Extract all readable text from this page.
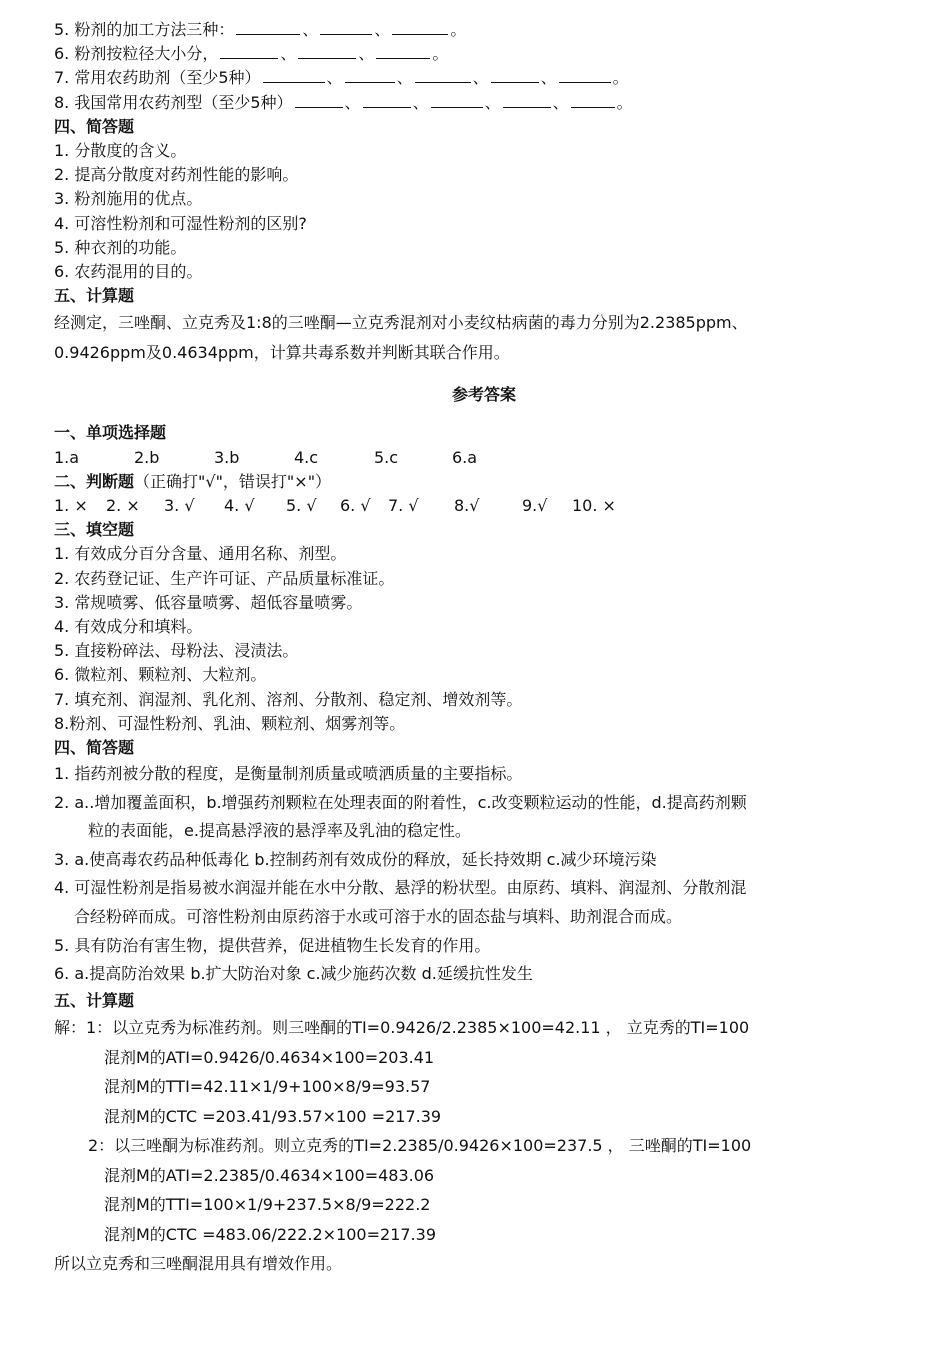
5. 粉剂的加工方法三种：	、	、	。
6. 粉剂按粒径大小分，	、	、	。
7. 常用农药助剂（至少5种）	、	、	、	、	。
8. 我国常用农药剂型（至少5种）	、	、	、	、	。
四、简答题
1. 分散度的含义。
2. 提高分散度对药剂性能的影响。
3. 粉剂施用的优点。
4. 可溶性粉剂和可湿性粉剂的区别?
5. 种衣剂的功能。
6. 农药混用的目的。
五、计算题
经测定，三唑酮、立克秀及1:8的三唑酮—立克秀混剂对小麦纹枯病菌的毒力分别为2.2385ppm、
0.9426ppm及0.4634ppm，计算共毒系数并判断其联合作用。
参考答案
一、单项选择题
1.a	2.b	3.b	4.c	5.c	6.a
二、判断题（正确打"√"，错误打"×"）
1. × 2. × 3. √ 4. √ 5. √ 6. √ 7. √ 8.√	9.√ 10. ×
三、填空题
1. 有效成分百分含量、通用名称、剂型。
2. 农药登记证、生产许可证、产品质量标准证。
3. 常规喷雾、低容量喷雾、超低容量喷雾。
4. 有效成分和填料。
5. 直接粉碎法、母粉法、浸渍法。
6. 微粒剂、颗粒剂、大粒剂。
7. 填充剂、润湿剂、乳化剂、溶剂、分散剂、稳定剂、增效剂等。
8.粉剂、可湿性粉剂、乳油、颗粒剂、烟雾剂等。
四、简答题
1. 指药剂被分散的程度，是衡量制剂质量或喷洒质量的主要指标。
2. a..增加覆盖面积，b.增强药剂颗粒在处理表面的附着性，c.改变颗粒运动的性能，d.提高药剂颗
粒的表面能，e.提高悬浮液的悬浮率及乳油的稳定性。
3. a.使高毒农药品种低毒化 b.控制药剂有效成份的释放，延长持效期 c.减少环境污染
4. 可湿性粉剂是指易被水润湿并能在水中分散、悬浮的粉状型。由原药、填料、润湿剂、分散剂混
合经粉碎而成。可溶性粉剂由原药溶于水或可溶于水的固态盐与填料、助剂混合而成。
5. 具有防治有害生物，提供营养，促进植物生长发育的作用。
6. a.提高防治效果 b.扩大防治对象 c.减少施药次数 d.延缓抗性发生
五、计算题
解：1：以立克秀为标准药剂。则三唑酮的TI=0.9426/2.2385×100=42.11 ， 立克秀的TI=100
混剂M的ATI=0.9426/0.4634×100=203.41
混剂M的TTI=42.11×1/9+100×8/9=93.57
混剂M的CTC =203.41/93.57×100 =217.39
2：以三唑酮为标准药剂。则立克秀的TI=2.2385/0.9426×100=237.5 ， 三唑酮的TI=100
混剂M的ATI=2.2385/0.4634×100=483.06
混剂M的TTI=100×1/9+237.5×8/9=222.2
混剂M的CTC =483.06/222.2×100=217.39
所以立克秀和三唑酮混用具有增效作用。
